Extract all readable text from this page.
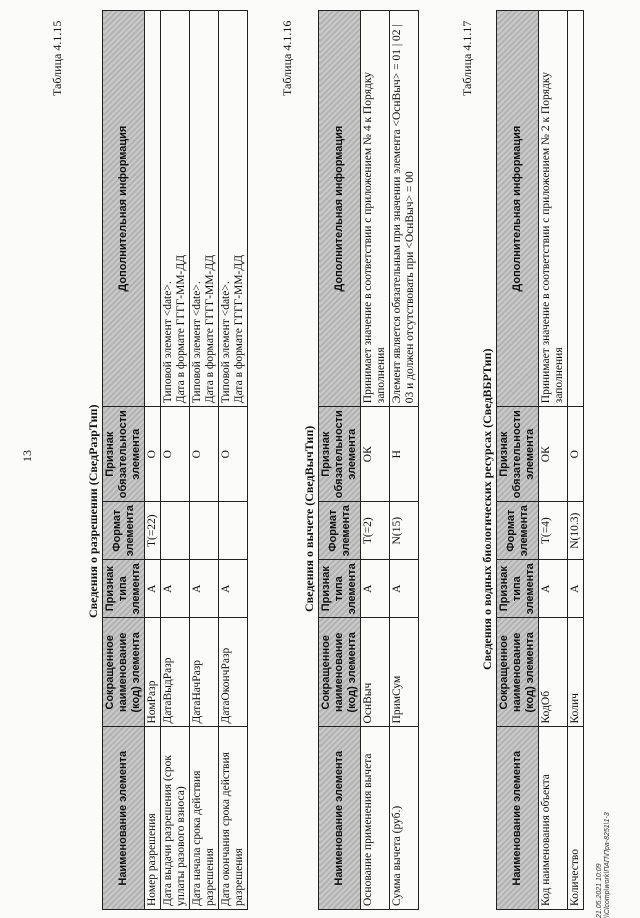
13
Таблица 4.1.15
Сведения о разрешении (СведРазрТип)
Наименование элемента	Сокращенное наименование (код) элемента	Признак типа элемента	Формат элемента	Признак обязательности элемента	Дополнительная информация
Номер разрешения	НомРазр	А	T(=22)	О	
Дата выдачи разрешения (срок уплаты разового взноса)	ДатаВыдРазр	А		О	Типовой элемент <date>.
Дата в формате ГГГГ-ММ-ДД
Дата начала срока действия разрешения	ДатаНачРазр	А		О	Типовой элемент <date>.
Дата в формате ГГГГ-ММ-ДД
Дата окончания срока действия разрешения	ДатаОкончРазр	А		О	Типовой элемент <date>.
Дата в формате ГГГГ-ММ-ДД
Таблица 4.1.16
Сведения о вычете (СведВычТип)
Наименование элемента	Сокращенное наименование (код) элемента	Признак типа элемента	Формат элемента	Признак обязательности элемента	Дополнительная информация
Основание применения вычета	ОснВыч	А	T(=2)	ОК	Принимает значение в соответствии с приложением № 4 к Порядку заполнения
Сумма вычета (руб.)	ПримСум	А	N(15)	Н	Элемент является обязательным при значении элемента <ОснВыч> = 01 | 02 | 03 и должен отсутствовать при <ОснВыч> = 00
Таблица 4.1.17
Сведения о водных биологических ресурсах (СведВБРТип)
Наименование элемента	Сокращенное наименование (код) элемента	Признак типа элемента	Формат элемента	Признак обязательности элемента	Дополнительная информация
Код наименования объекта	КодОб	А	T(=4)	ОК	Принимает значение в соответствии с приложением № 2 к Порядку заполнения
Количество	Колич	А	N(10.3)	О	
21.05.2021 10:09 \\Clcomp\work\ПАП\Пра-8251\1-3
